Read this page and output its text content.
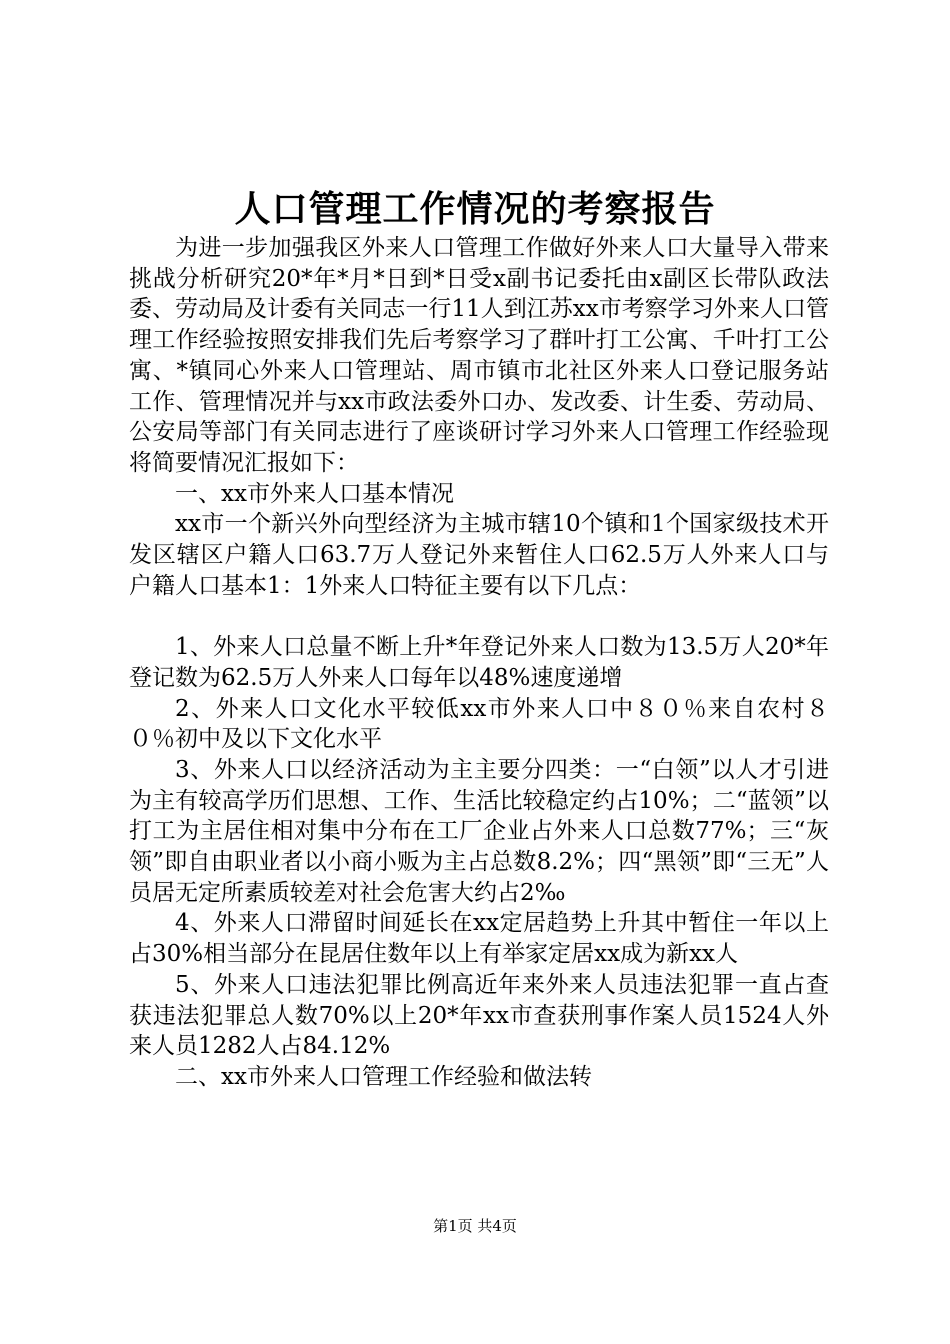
人口管理工作情况的考察报告

为进一步加强我区外来人口管理工作做好外来人口大量导入带来挑战分析研究20*年*月*日到*日受x副书记委托由x副区长带队政法委、劳动局及计委有关同志一行11人到江苏xx市考察学习外来人口管理工作经验按照安排我们先后考察学习了群叶打工公寓、千叶打工公寓、*镇同心外来人口管理站、周市镇市北社区外来人口登记服务站工作、管理情况并与xx市政法委外口办、发改委、计生委、劳动局、公安局等部门有关同志进行了座谈研讨学习外来人口管理工作经验现将简要情况汇报如下：

一、xx市外来人口基本情况

xx市一个新兴外向型经济为主城市辖10个镇和1个国家级技术开发区辖区户籍人口63.7万人登记外来暂住人口62.5万人外来人口与户籍人口基本1：1外来人口特征主要有以下几点：

1、外来人口总量不断上升*年登记外来人口数为13.5万人20*年登记数为62.5万人外来人口每年以48%速度递增

2、外来人口文化水平较低xx市外来人口中８０％来自农村８０％初中及以下文化水平

3、外来人口以经济活动为主主要分四类：一“白领”以人才引进为主有较高学历们思想、工作、生活比较稳定约占10%；二“蓝领”以打工为主居住相对集中分布在工厂企业占外来人口总数77%；三“灰领”即自由职业者以小商小贩为主占总数8.2%；四“黑领”即“三无”人员居无定所素质较差对社会危害大约占2‰

4、外来人口滞留时间延长在xx定居趋势上升其中暂住一年以上占30%相当部分在昆居住数年以上有举家定居xx成为新xx人

5、外来人口违法犯罪比例高近年来外来人员违法犯罪一直占查获违法犯罪总人数70%以上20*年xx市查获刑事作案人员1524人外来人员1282人占84.12%

二、xx市外来人口管理工作经验和做法转

第1页 共4页
